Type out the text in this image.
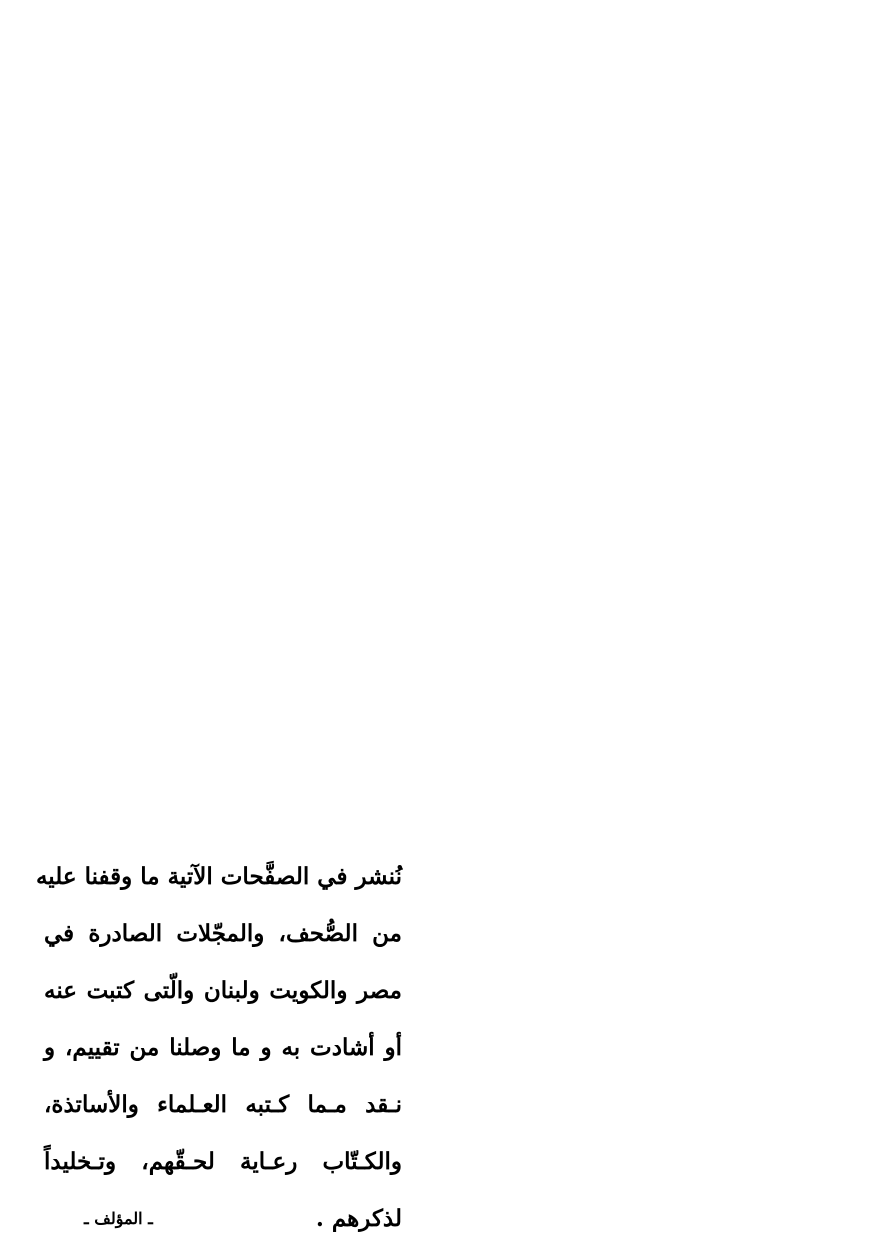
نُنشر في الصفَّحات الآتية ما وقفنا عليه
من الصُّحف، والمجّلات الصادرة في
مصر والكويت ولبنان والّتى كتبت عنه
أو أشادت به و ما وصلنا من تقييم، و
نـقد مـما كـتبه العـلماء والأساتذة،
والكـتّاب رعـاية لحـقّهم، وتـخليداً
لذكرهم .
ـ المؤلف ـ
